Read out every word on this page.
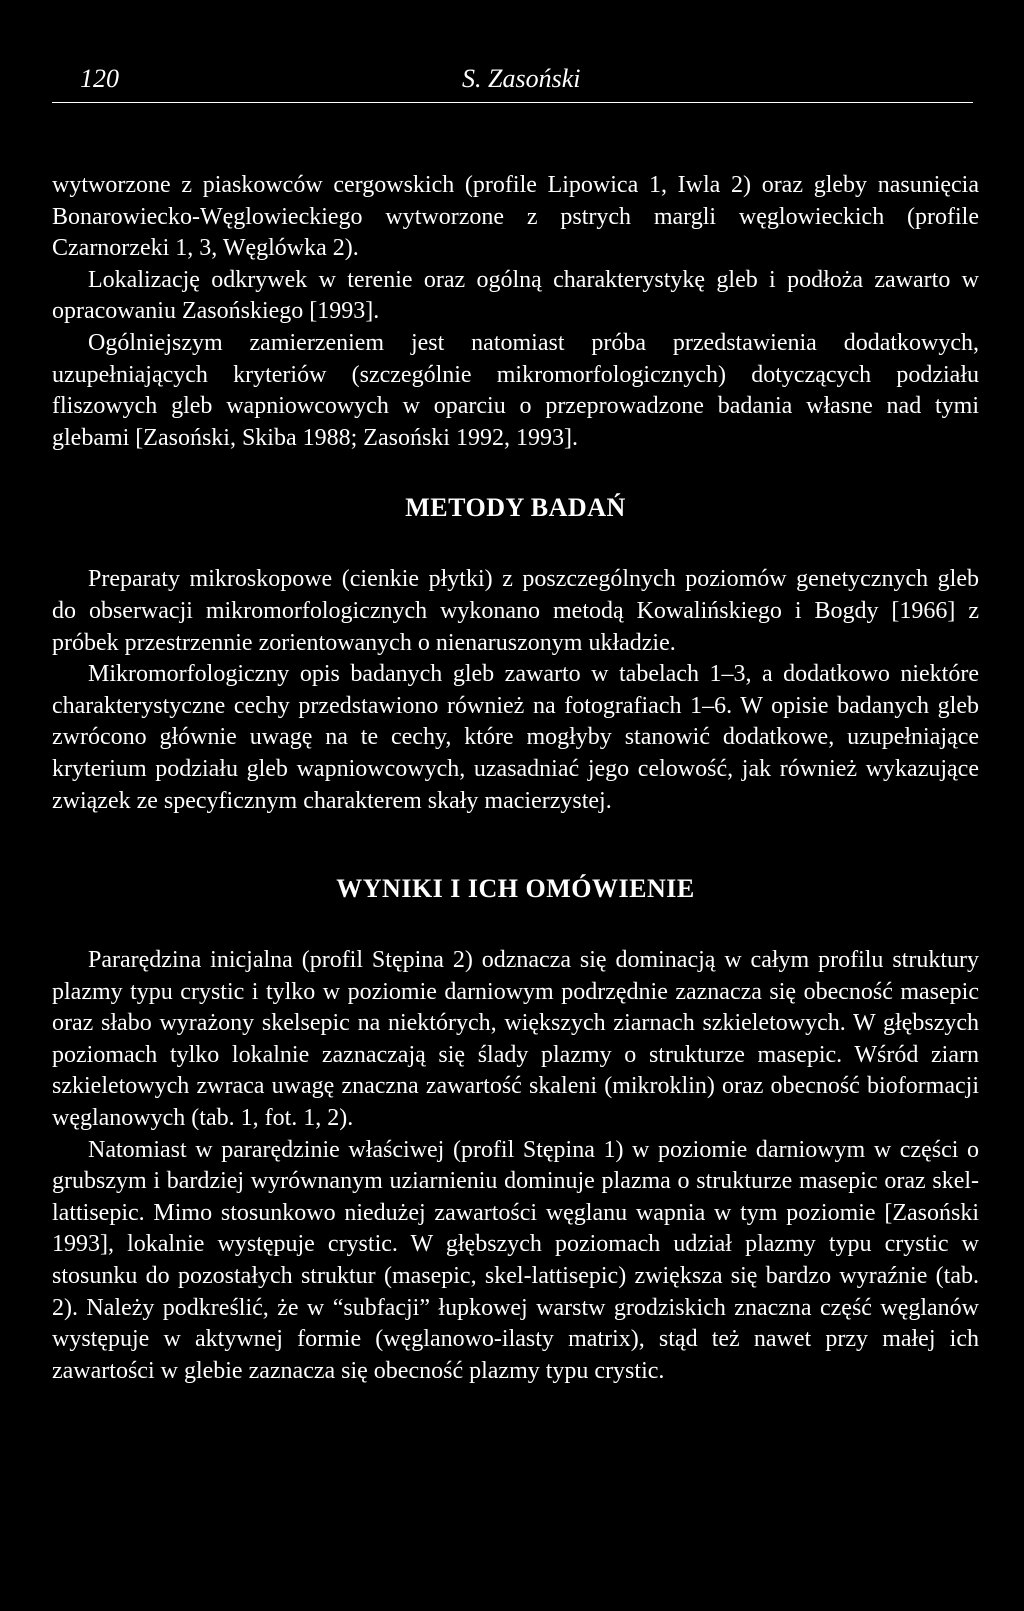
120	S. Zasoński

wytworzone z piaskowców cergowskich (profile Lipowica 1, Iwla 2) oraz gleby nasunięcia Bonarowiecko-Węglowieckiego wytworzone z pstrych margli węglowieckich (profile Czarnorzeki 1, 3, Węglówka 2).

Lokalizację odkrywek w terenie oraz ogólną charakterystykę gleb i podłoża zawarto w opracowaniu Zasońskiego [1993].

Ogólniejszym zamierzeniem jest natomiast próba przedstawienia dodatkowych, uzupełniających kryteriów (szczególnie mikromorfologicznych) dotyczących podziału fliszowych gleb wapniowcowych w oparciu o przeprowadzone badania własne nad tymi glebami [Zasoński, Skiba 1988; Zasoński 1992, 1993].

METODY BADAŃ

Preparaty mikroskopowe (cienkie płytki) z poszczególnych poziomów genetycznych gleb do obserwacji mikromorfologicznych wykonano metodą Kowalińskiego i Bogdy [1966] z próbek przestrzennie zorientowanych o nienaruszonym układzie.

Mikromorfologiczny opis badanych gleb zawarto w tabelach 1–3, a dodatkowo niektóre charakterystyczne cechy przedstawiono również na fotografiach 1–6. W opisie badanych gleb zwrócono głównie uwagę na te cechy, które mogłyby stanowić dodatkowe, uzupełniające kryterium podziału gleb wapniowcowych, uzasadniać jego celowość, jak również wykazujące związek ze specyficznym charakterem skały macierzystej.

WYNIKI I ICH OMÓWIENIE

Pararędzina inicjalna (profil Stępina 2) odznacza się dominacją w całym profilu struktury plazmy typu crystic i tylko w poziomie darniowym podrzędnie zaznacza się obecność masepic oraz słabo wyrażony skelsepic na niektórych, większych ziarnach szkieletowych. W głębszych poziomach tylko lokalnie zaznaczają się ślady plazmy o strukturze masepic. Wśród ziarn szkieletowych zwraca uwagę znaczna zawartość skaleni (mikroklin) oraz obecność bioformacji węglanowych (tab. 1, fot. 1, 2).

Natomiast w pararędzinie właściwej (profil Stępina 1) w poziomie darniowym w części o grubszym i bardziej wyrównanym uziarnieniu dominuje plazma o strukturze masepic oraz skel-lattisepic. Mimo stosunkowo niedużej zawartości węglanu wapnia w tym poziomie [Zasoński 1993], lokalnie występuje crystic. W głębszych poziomach udział plazmy typu crystic w stosunku do pozostałych struktur (masepic, skel-lattisepic) zwiększa się bardzo wyraźnie (tab. 2). Należy podkreślić, że w “subfacji” łupkowej warstw grodziskich znaczna część węglanów występuje w aktywnej formie (węglanowo-ilasty matrix), stąd też nawet przy małej ich zawartości w glebie zaznacza się obecność plazmy typu crystic.
